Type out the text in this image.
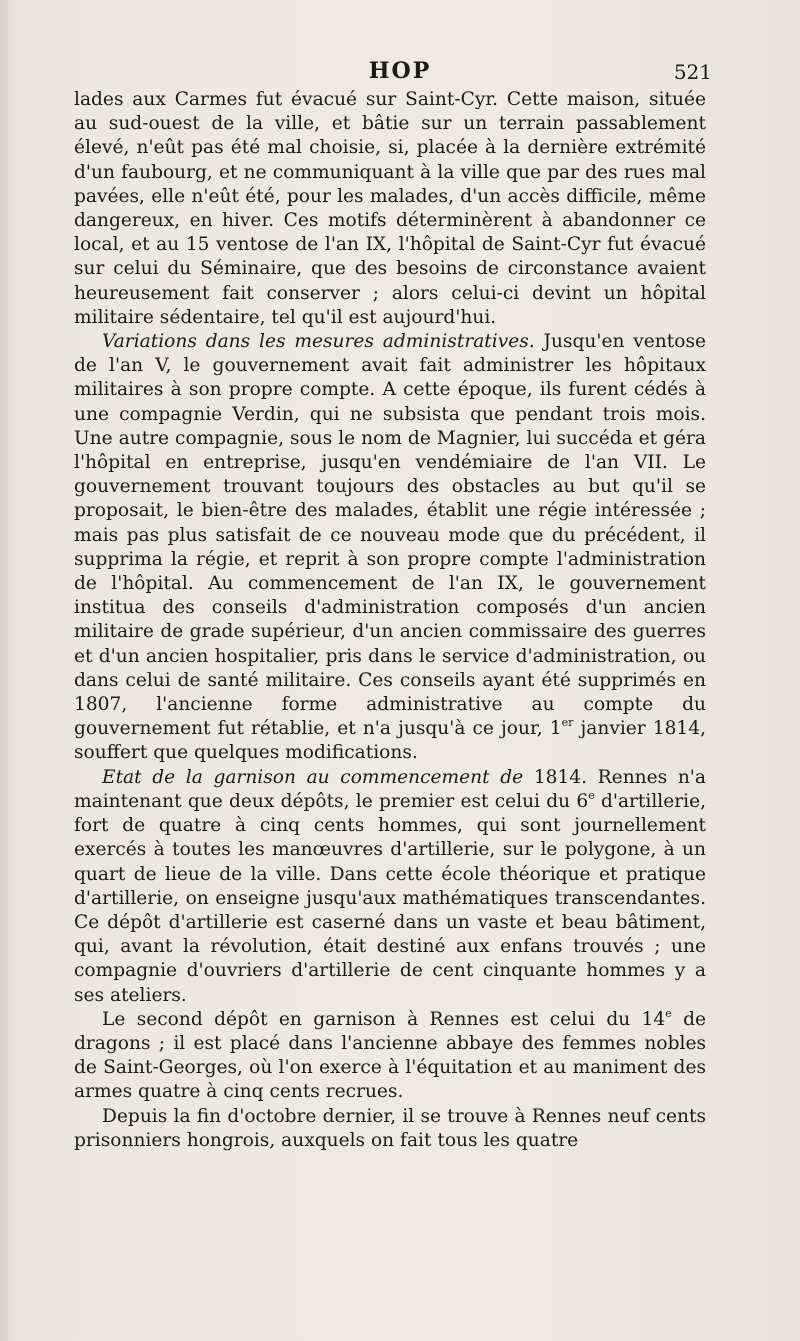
HOP	521

lades aux Carmes fut évacué sur Saint-Cyr. Cette maison, située au sud-ouest de la ville, et bâtie sur un terrain passablement élevé, n'eût pas été mal choisie, si, placée à la dernière extrémité d'un faubourg, et ne communiquant à la ville que par des rues mal pavées, elle n'eût été, pour les malades, d'un accès difficile, même dangereux, en hiver. Ces motifs déterminèrent à abandonner ce local, et au 15 ventose de l'an IX, l'hôpital de Saint-Cyr fut évacué sur celui du Séminaire, que des besoins de circonstance avaient heureusement fait conserver ; alors celui-ci devint un hôpital militaire sédentaire, tel qu'il est aujourd'hui.

Variations dans les mesures administratives. Jusqu'en ventose de l'an V, le gouvernement avait fait administrer les hôpitaux militaires à son propre compte. A cette époque, ils furent cédés à une compagnie Verdin, qui ne subsista que pendant trois mois. Une autre compagnie, sous le nom de Magnier, lui succéda et géra l'hôpital en entreprise, jusqu'en vendémiaire de l'an VII. Le gouvernement trouvant toujours des obstacles au but qu'il se proposait, le bien-être des malades, établit une régie intéressée ; mais pas plus satisfait de ce nouveau mode que du précédent, il supprima la régie, et reprit à son propre compte l'administration de l'hôpital. Au commencement de l'an IX, le gouvernement institua des conseils d'administration composés d'un ancien militaire de grade supérieur, d'un ancien commissaire des guerres et d'un ancien hospitalier, pris dans le service d'administration, ou dans celui de santé militaire. Ces conseils ayant été supprimés en 1807, l'ancienne forme administrative au compte du gouvernement fut rétablie, et n'a jusqu'à ce jour, 1er janvier 1814, souffert que quelques modifications.

Etat de la garnison au commencement de 1814. Rennes n'a maintenant que deux dépôts, le premier est celui du 6e d'artillerie, fort de quatre à cinq cents hommes, qui sont journellement exercés à toutes les manœuvres d'artillerie, sur le polygone, à un quart de lieue de la ville. Dans cette école théorique et pratique d'artillerie, on enseigne jusqu'aux mathématiques transcendantes. Ce dépôt d'artillerie est caserné dans un vaste et beau bâtiment, qui, avant la révolution, était destiné aux enfans trouvés ; une compagnie d'ouvriers d'artillerie de cent cinquante hommes y a ses ateliers.

Le second dépôt en garnison à Rennes est celui du 14e de dragons ; il est placé dans l'ancienne abbaye des femmes nobles de Saint-Georges, où l'on exerce à l'équitation et au maniment des armes quatre à cinq cents recrues.

Depuis la fin d'octobre dernier, il se trouve à Rennes neuf cents prisonniers hongrois, auxquels on fait tous les quatre
